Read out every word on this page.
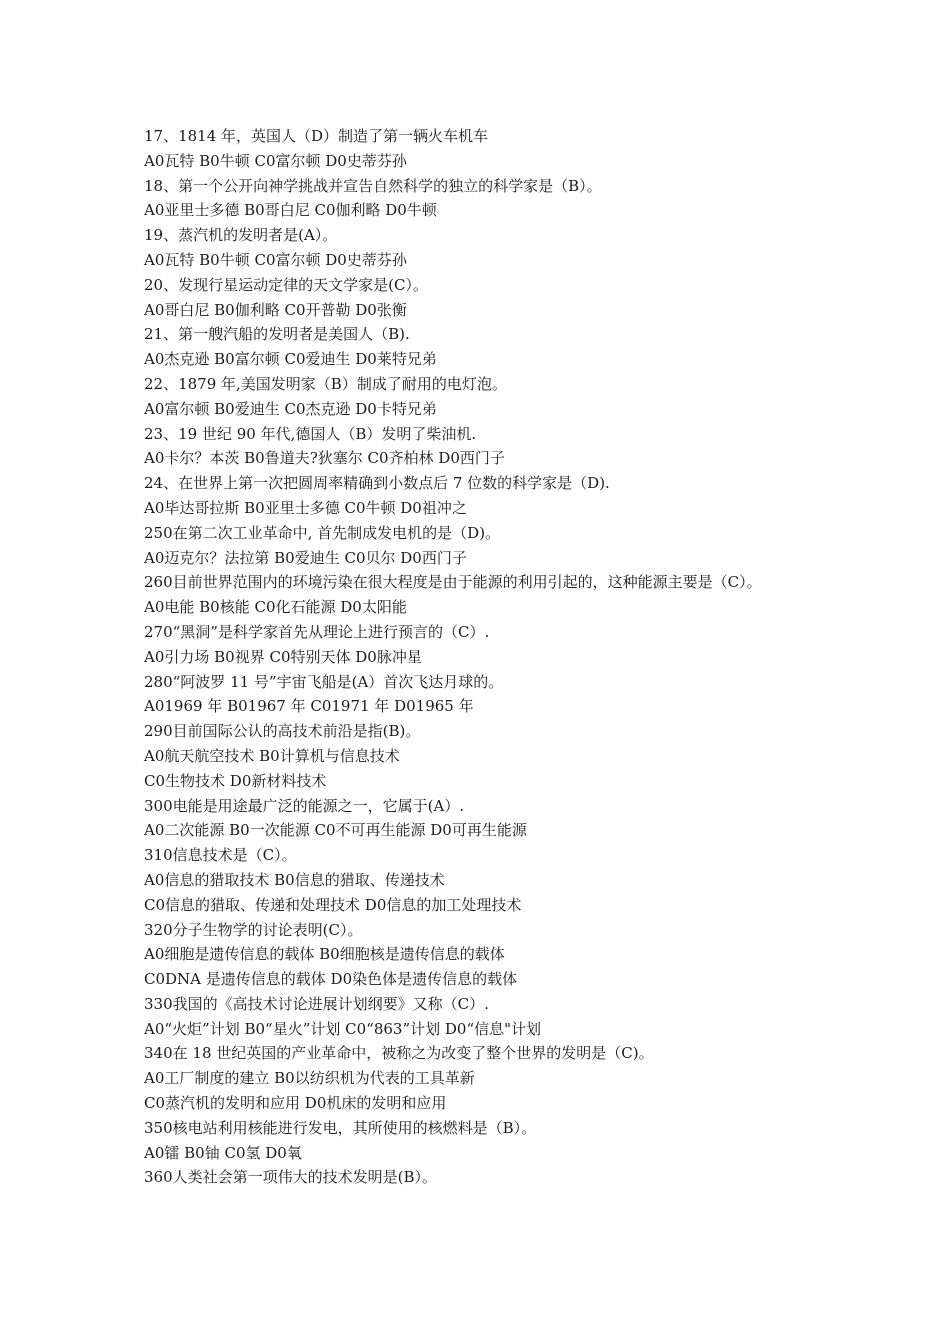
17、1814 年，英国人（D）制造了第一辆火车机车

A0瓦特 B0牛顿 C0富尔顿 D0史蒂芬孙

18、第一个公开向神学挑战并宣告自然科学的独立的科学家是（B）。

A0亚里士多德 B0哥白尼 C0伽利略 D0牛顿

19、蒸汽机的发明者是(A）。

A0瓦特 B0牛顿 C0富尔顿 D0史蒂芬孙

20、发现行星运动定律的天文学家是(C）。

A0哥白尼 B0伽利略 C0开普勒 D0张衡

21、第一艘汽船的发明者是美国人（B).

A0杰克逊 B0富尔顿 C0爱迪生 D0莱特兄弟

22、1879 年,美国发明家（B）制成了耐用的电灯泡。

A0富尔顿 B0爱迪生 C0杰克逊 D0卡特兄弟

23、19 世纪 90 年代,德国人（B）发明了柴油机.

A0卡尔？本茨 B0鲁道夫?狄塞尔 C0齐柏林 D0西门子

24、在世界上第一次把圆周率精确到小数点后 7 位数的科学家是（D).

A0毕达哥拉斯 B0亚里士多德 C0牛顿 D0祖冲之

250在第二次工业革命中, 首先制成发电机的是（D)。

A0迈克尔？法拉第 B0爱迪生 C0贝尔 D0西门子

260目前世界范围内的环境污染在很大程度是由于能源的利用引起的，这种能源主要是（C）。

A0电能 B0核能 C0化石能源 D0太阳能

270“黑洞”是科学家首先从理论上进行预言的（C）.

A0引力场 B0视界 C0特别天体 D0脉冲星

280“阿波罗 11 号”宇宙飞船是(A）首次飞达月球的。

A01969 年 B01967 年 C01971 年 D01965 年

290目前国际公认的高技术前沿是指(B)。

A0航天航空技术 B0计算机与信息技术

C0生物技术 D0新材料技术

300电能是用途最广泛的能源之一，它属于(A）.

A0二次能源 B0一次能源 C0不可再生能源 D0可再生能源

310信息技术是（C）。

A0信息的猎取技术 B0信息的猎取、传递技术

C0信息的猎取、传递和处理技术 D0信息的加工处理技术

320分子生物学的讨论表明(C）。

A0细胞是遗传信息的载体 B0细胞核是遗传信息的载体

C0DNA 是遗传信息的载体 D0染色体是遗传信息的载体

330我国的《高技术讨论进展计划纲要》又称（C）.

A0“火炬”计划 B0“星火”计划 C0“863”计划 D0“信息"计划

340在 18 世纪英国的产业革命中，被称之为改变了整个世界的发明是（C)。

A0工厂制度的建立 B0以纺织机为代表的工具革新

C0蒸汽机的发明和应用 D0机床的发明和应用

350核电站利用核能进行发电，其所使用的核燃料是（B）。

A0镭 B0铀 C0氢 D0氧

360人类社会第一项伟大的技术发明是(B）。
